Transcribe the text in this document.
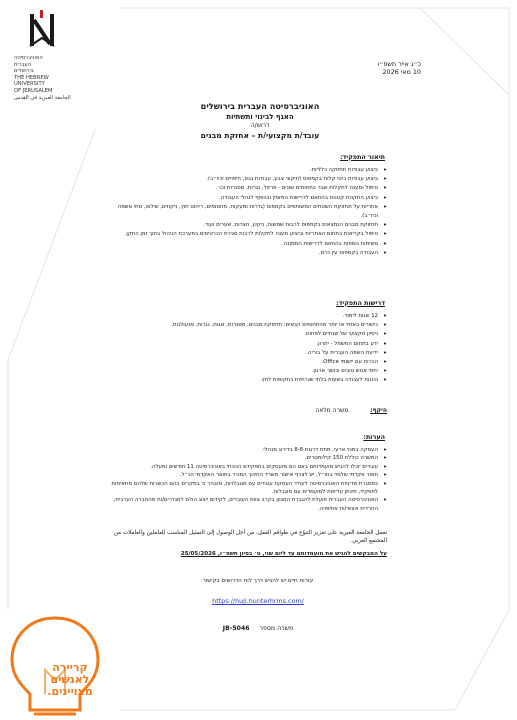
האוניברסיטה
העברית
בירושלים
THE HEBREW
UNIVERSITY
OF JERUSALEM
الجامعة العبرية في القدس
כ״ג אייר תשפ״ו
10 מאי 2026
האוניברסיטה העברית בירושלים
האגף לבינוי ותשתיות
דרוש/ה
עובד/ת מקצועי/ת – אחזקת מבנים
תיאור התפקיד:
• ביצוע עבודות תחזוקה כלליות.
• ביצוע עבודות בינוי קלות בקמפוס (תיקוני צבע, עבודות גבס, חיפויים וכיו״ב).
• טיפול ומענה לתקלות שבר בתחומים שונים - פרזול, נגרות, מסגרות וכו׳.
• ביצוע התקנות קטנות בהתאם לדרישות המזמין ובכפוף לנהלי העבודה.
• אחריות על תחזוקת השטחים המשותפים בקמפוס (גדרות ומעקות, מחסומים, ריהוט חוץ, ניקוזים, שילוט, סתי אשפה וכיו״ב).
• תחזוקת מבנים הנמצאים בקמפוס לרבות שמשות, ניקיון, חצרות, שערים ועוד.
• טיפול בקריאות בתחום האחריות וביצוע מענה לתקלות לרבות סגירת הכרטיסים במערכת הניהול בתוך זמן התקן.
• משימות נוספות בהתאם לדרישות הממונה.
• העבודה בקמפוס עין כרם.
דרישות התפקיד:
• 12 שנות לימוד.
• כישורים באחד או יותר מהתחומים הבאים: תחזוקת מבנים, מסגרות, זגגות, נגרות, מנעולנות.
• ניסיון מקצועי של שנתיים לפחות.
• ידע בתחום החשמל - יתרון.
• ידיעת השפה העברית על בוריה.
• הכרות עם יישומי Office.
• יחסי אנוש טובים וכושר ארגון.
• נכונות לעבודה בשעות בלתי שגרתיות בתקופות לחץ.
היקף: משרה מלאה
הערות:
• העסקה במנוי ארעי, מתח דרגות 8-6 בדירוג מנהלי.
• המשרה כוללת 150 קילומטרים.
• עובדים יוכלו להגיש מועמדותם באם הם מועסקים בתפקידם הנוכחי באוניברסיטה 11 חודשים ומעלה.
• תואר אקדמי שלמד בחו״ל, יש לצרף אישור משרד החינוך המכיר בתואר האקדמי הנ״ל.
• במסגרת מדיניות האוניברסיטה לעודד העסקת עובדים עם מוגבלויות, מובהר כי במקרים בהם הכשרות שלהם מתאימות לתפקיד, תינתן עדיפות למועמדים עם מוגבלות.
• האוניברסיטה העברית פועלת להגברת המגוון בקרב צוות העובדים, לקידום ייצוג הולם למגדרים/ות מהחברה הערבית, החרדית ויוצאי/ות אתיופיה.
تعمل الجامعة العبرية على تعزيز التنوّع في طواقم العمل، من أجل الوصول إلى التمثيل المناسب للعاملين والعاملات من المجتمع العربي.
על המבקשים להגיש את מועמדותם עד ליום שני, ט׳ בסיון תשפ״ו, 25/05/2026
קורות חיים יש להגיש דרך לוח הדרושים בקישור
https://huji.hunterhrms.com/
משרה מספר JB-5046
קריירה
לאנשים
מצויינים.
